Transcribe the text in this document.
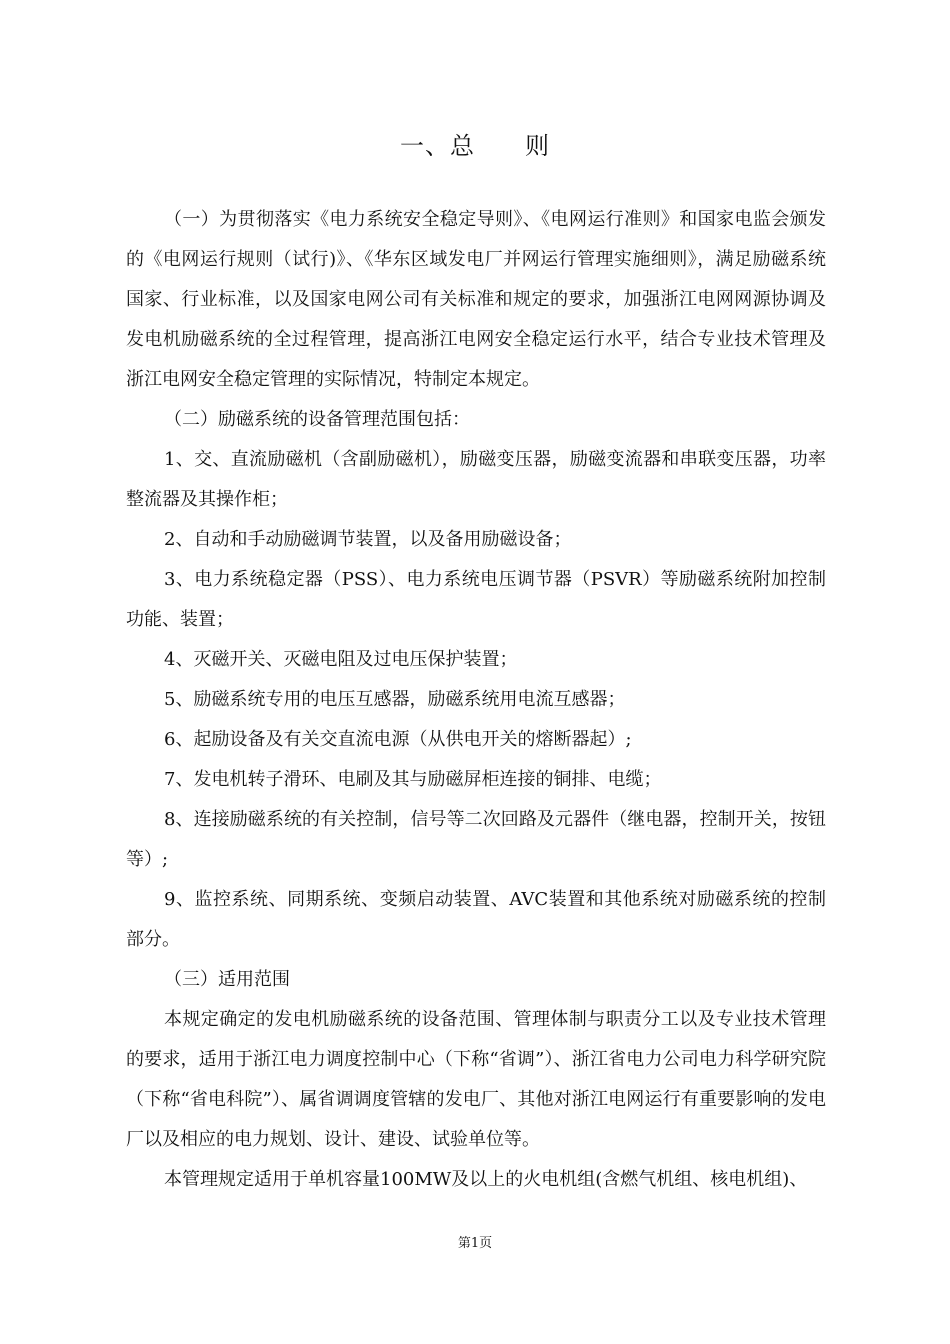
一、总　　则

（一）为贯彻落实《电力系统安全稳定导则》、《电网运行准则》和国家电监会颁发的《电网运行规则（试行)》、《华东区域发电厂并网运行管理实施细则》，满足励磁系统国家、行业标准，以及国家电网公司有关标准和规定的要求，加强浙江电网网源协调及发电机励磁系统的全过程管理，提高浙江电网安全稳定运行水平，结合专业技术管理及浙江电网安全稳定管理的实际情况，特制定本规定。

（二）励磁系统的设备管理范围包括：

1、交、直流励磁机（含副励磁机），励磁变压器，励磁变流器和串联变压器，功率整流器及其操作柜；

2、自动和手动励磁调节装置，以及备用励磁设备；

3、电力系统稳定器（PSS）、电力系统电压调节器（PSVR）等励磁系统附加控制功能、装置；

4、灭磁开关、灭磁电阻及过电压保护装置；

5、励磁系统专用的电压互感器，励磁系统用电流互感器；

6、起励设备及有关交直流电源（从供电开关的熔断器起）;

7、发电机转子滑环、电刷及其与励磁屏柜连接的铜排、电缆；

8、连接励磁系统的有关控制，信号等二次回路及元器件（继电器，控制开关，按钮等）;

9、监控系统、同期系统、变频启动装置、AVC装置和其他系统对励磁系统的控制部分。

（三）适用范围

本规定确定的发电机励磁系统的设备范围、管理体制与职责分工以及专业技术管理的要求，适用于浙江电力调度控制中心（下称“省调”）、浙江省电力公司电力科学研究院（下称“省电科院”）、属省调调度管辖的发电厂、其他对浙江电网运行有重要影响的发电厂以及相应的电力规划、设计、建设、试验单位等。

本管理规定适用于单机容量100MW及以上的火电机组(含燃气机组、核电机组)、

第1页
